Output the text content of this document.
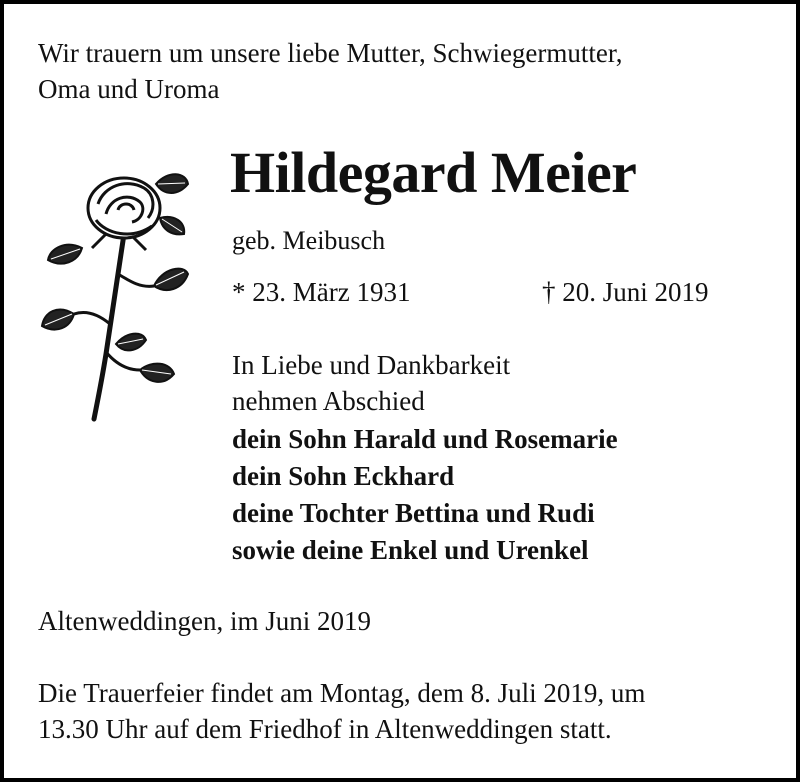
Wir trauern um unsere liebe Mutter, Schwiegermutter,
Oma und Uroma
Hildegard Meier
geb. Meibusch
* 23. März 1931	† 20. Juni 2019
In Liebe und Dankbarkeit
nehmen Abschied
dein Sohn Harald und Rosemarie
dein Sohn Eckhard
deine Tochter Bettina und Rudi
sowie deine Enkel und Urenkel
Altenweddingen, im Juni 2019
Die Trauerfeier findet am Montag, dem 8. Juli 2019, um
13.30 Uhr auf dem Friedhof in Altenweddingen statt.
